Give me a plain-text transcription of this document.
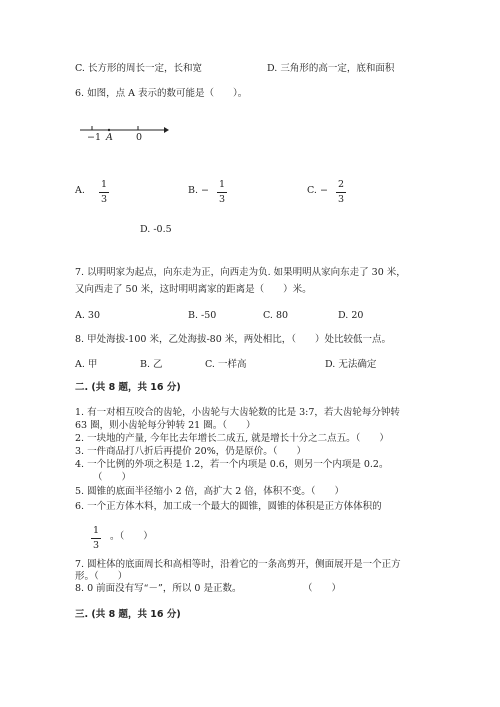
C. 长方形的周长一定，长和宽	D. 三角形的高一定，底和面积
6. 如图，点 A 表示的数可能是（　　）。
−1 A 0
A.
1
3
B. −
1
3
C. −
2
3
D. -0.5
7. 以明明家为起点，向东走为正，向西走为负. 如果明明从家向东走了 30 米，
又向西走了 50 米，这时明明离家的距离是（　　）米。
A. 30	B. -50	C. 80	D. 20
8. 甲处海拔-100 米，乙处海拔-80 米，两处相比，（　　）处比较低一点。
A. 甲	B. 乙	C. 一样高	D. 无法确定
二. (共 8 题，共 16 分)
1. 有一对相互咬合的齿轮，小齿轮与大齿轮数的比是 3:7，若大齿轮每分钟转
63 圈，则小齿轮每分钟转 21 圈。（　　）
2. 一块地的产量, 今年比去年增长二成五, 就是增长十分之二点五。（　　）
3. 一件商品打八折后再提价 20%，仍是原价。（　　）
4. 一个比例的外项之积是 1.2，若一个内项是 0.6，则另一个内项是 0.2。
（　　）
5. 圆锥的底面半径缩小 2 倍，高扩大 2 倍，体积不变。（　　）
6. 一个正方体木料，加工成一个最大的圆锥，圆锥的体积是正方体体积的
1
3
。（　　）
7. 圆柱体的底面周长和高相等时，沿着它的一条高剪开，侧面展开是一个正方
形。（　　）
8. 0 前面没有写“－”，所以 0 是正数。	（　　）
三. (共 8 题，共 16 分)
